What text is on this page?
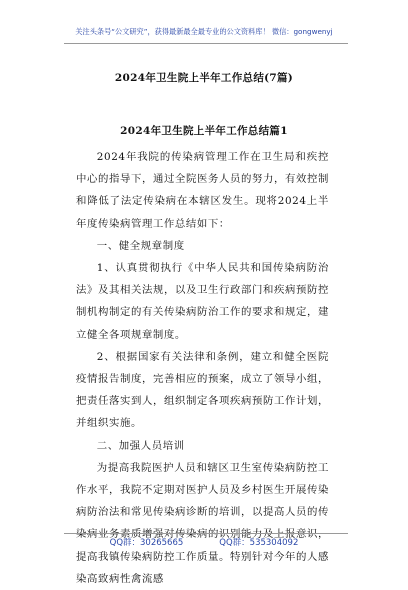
关注头条号“公文研究”，获得最新最全最专业的公文资料库！ 微信：gongwenyj
2024年卫生院上半年工作总结(7篇)
2024年卫生院上半年工作总结篇1

2024年我院的传染病管理工作在卫生局和疾控中心的指导下，通过全院医务人员的努力，有效控制和降低了法定传染病在本辖区发生。现将2024上半年度传染病管理工作总结如下：

一、健全规章制度

1、认真贯彻执行《中华人民共和国传染病防治法》及其相关法规，以及卫生行政部门和疾病预防控制机构制定的有关传染病防治工作的要求和规定，建立健全各项规章制度。

2、根据国家有关法律和条例，建立和健全医院疫情报告制度，完善相应的预案，成立了领导小组，把责任落实到人，组织制定各项疾病预防工作计划，并组织实施。

二、加强人员培训

为提高我院医护人员和辖区卫生室传染病防控工作水平，我院不定期对医护人员及乡村医生开展传染病防治法和常见传染病诊断的培训，以提高人员的传染病业务素质增强对传染病的识别能力及上报意识，提高我镇传染病防控工作质量。特别针对今年的人感染高致病性禽流感

QQ群：30265665	QQ群：535304092
